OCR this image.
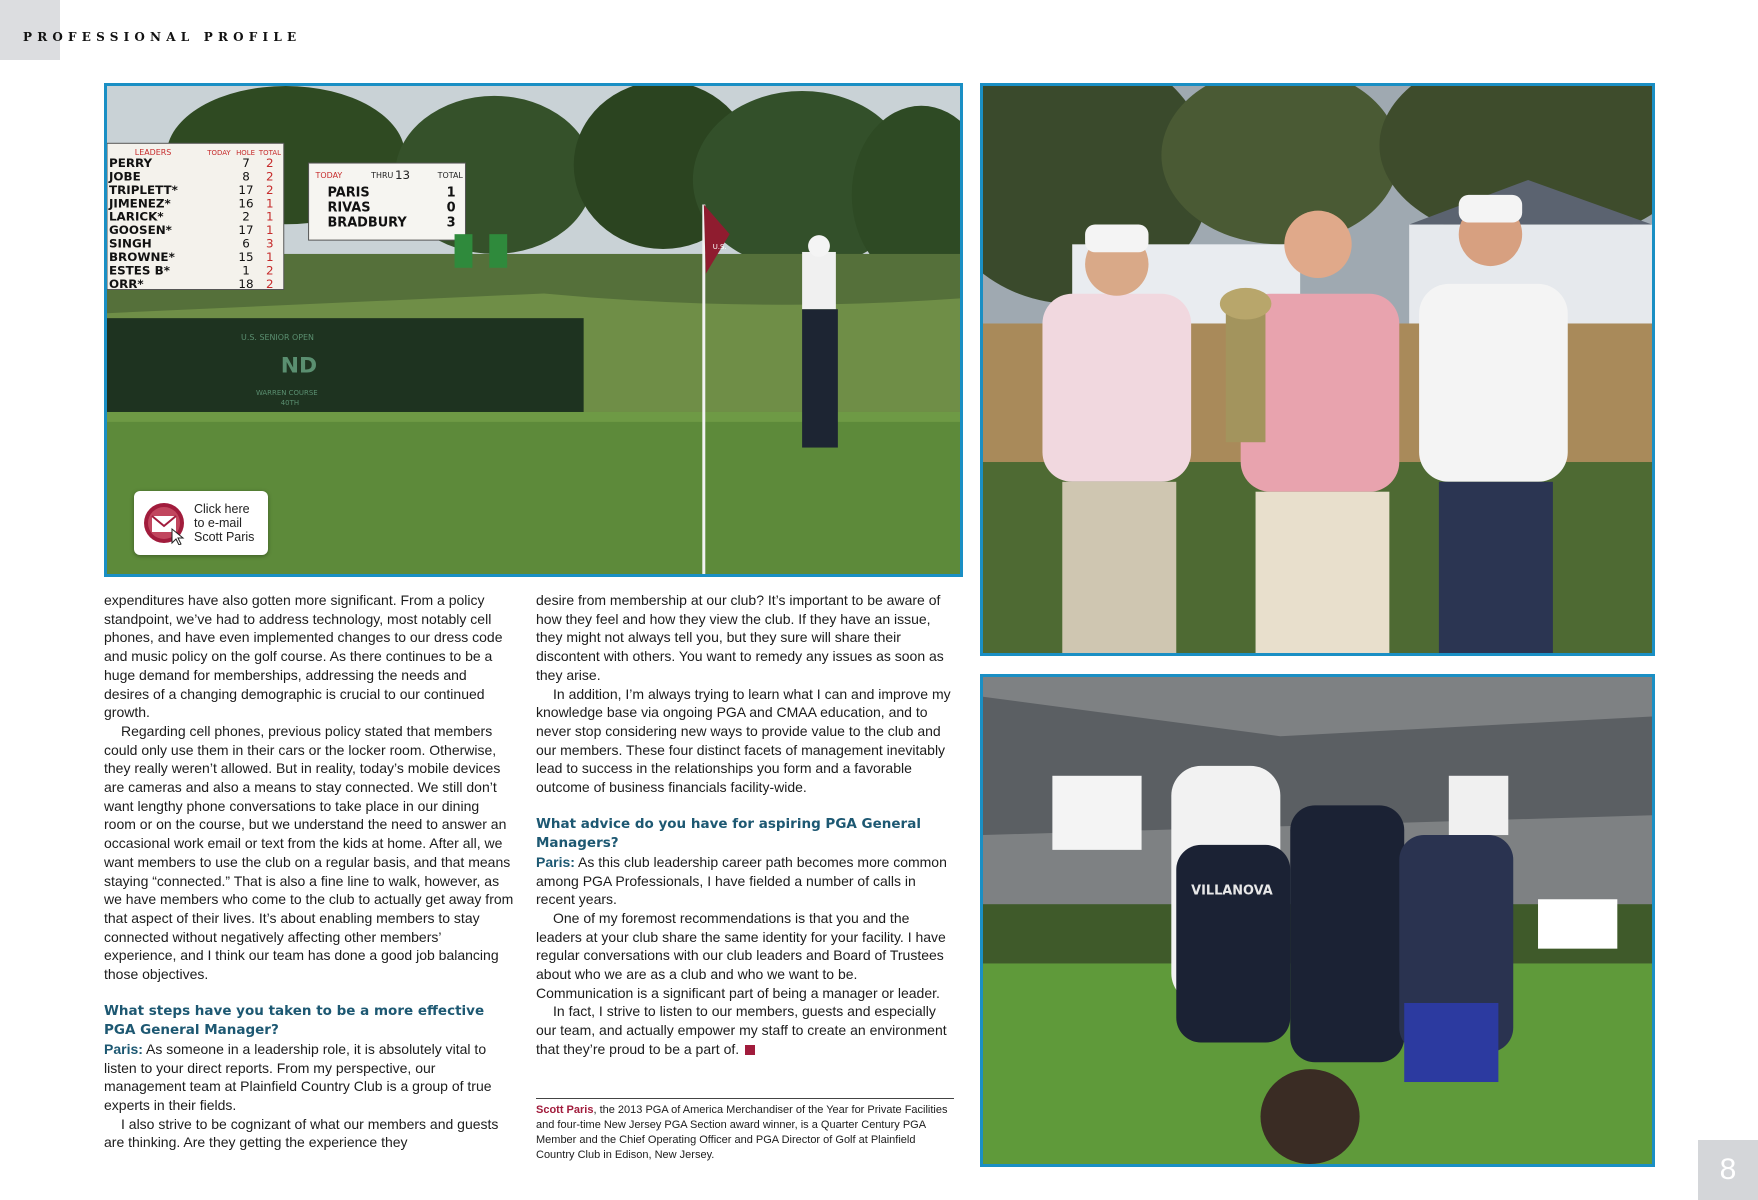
PROFESSIONAL PROFILE
ND
U.S. SENIOR OPEN
WARREN COURSE
40TH
LEADERS	TODAY HOLE TOTAL
PERRY	7 2
JOBE	8 2
TRIPLETT*	17 2
JIMENEZ*	16 1
LARICK*	2 1
GOOSEN*	17 1
SINGH	6 3
BROWNE*	15 1
ESTES B*	1 2
ORR*	18 2
TODAY	THRU 13	TOTAL
PARIS	1
RIVAS	0
BRADBURY	3
U.S.
Click here
to e-mail
Scott Paris
VILLANOVA

expenditures have also gotten more significant. From a policy standpoint, we’ve had to address technology, most notably cell phones, and have even implemented changes to our dress code and music policy on the golf course. As there continues to be a huge demand for memberships, addressing the needs and desires of a changing demographic is crucial to our continued growth.

Regarding cell phones, previous policy stated that members could only use them in their cars or the locker room. Otherwise, they really weren’t allowed. But in reality, today’s mobile devices are cameras and also a means to stay connected. We still don’t want lengthy phone conversations to take place in our dining room or on the course, but we understand the need to answer an occasional work email or text from the kids at home. After all, we want members to use the club on a regular basis, and that means staying “connected.” That is also a fine line to walk, however, as we have members who come to the club to actually get away from that aspect of their lives. It’s about enabling members to stay connected without negatively affecting other members’ experience, and I think our team has done a good job balancing those objectives.

What steps have you taken to be a more effective PGA General Manager?

Paris: As someone in a leadership role, it is absolutely vital to listen to your direct reports. From my perspective, our management team at Plainfield Country Club is a group of true experts in their fields.

I also strive to be cognizant of what our members and guests are thinking. Are they getting the experience they

desire from membership at our club? It’s important to be aware of how they feel and how they view the club. If they have an issue, they might not always tell you, but they sure will share their discontent with others. You want to remedy any issues as soon as they arise.

In addition, I’m always trying to learn what I can and improve my knowledge base via ongoing PGA and CMAA education, and to never stop considering new ways to provide value to the club and our members. These four distinct facets of management inevitably lead to success in the relationships you form and a favorable outcome of business financials facility-wide.

What advice do you have for aspiring PGA General Managers?

Paris: As this club leadership career path becomes more common among PGA Professionals, I have fielded a number of calls in recent years.

One of my foremost recommendations is that you and the leaders at your club share the same identity for your facility. I have regular conversations with our club leaders and Board of Trustees about who we are as a club and who we want to be. Communication is a significant part of being a manager or leader.

In fact, I strive to listen to our members, guests and especially our team, and actually empower my staff to create an environment that they’re proud to be a part of.

Scott Paris, the 2013 PGA of America Merchandiser of the Year for Private Facilities and four-time New Jersey PGA Section award winner, is a Quarter Century PGA Member and the Chief Operating Officer and PGA Director of Golf at Plainfield Country Club in Edison, New Jersey.	8
